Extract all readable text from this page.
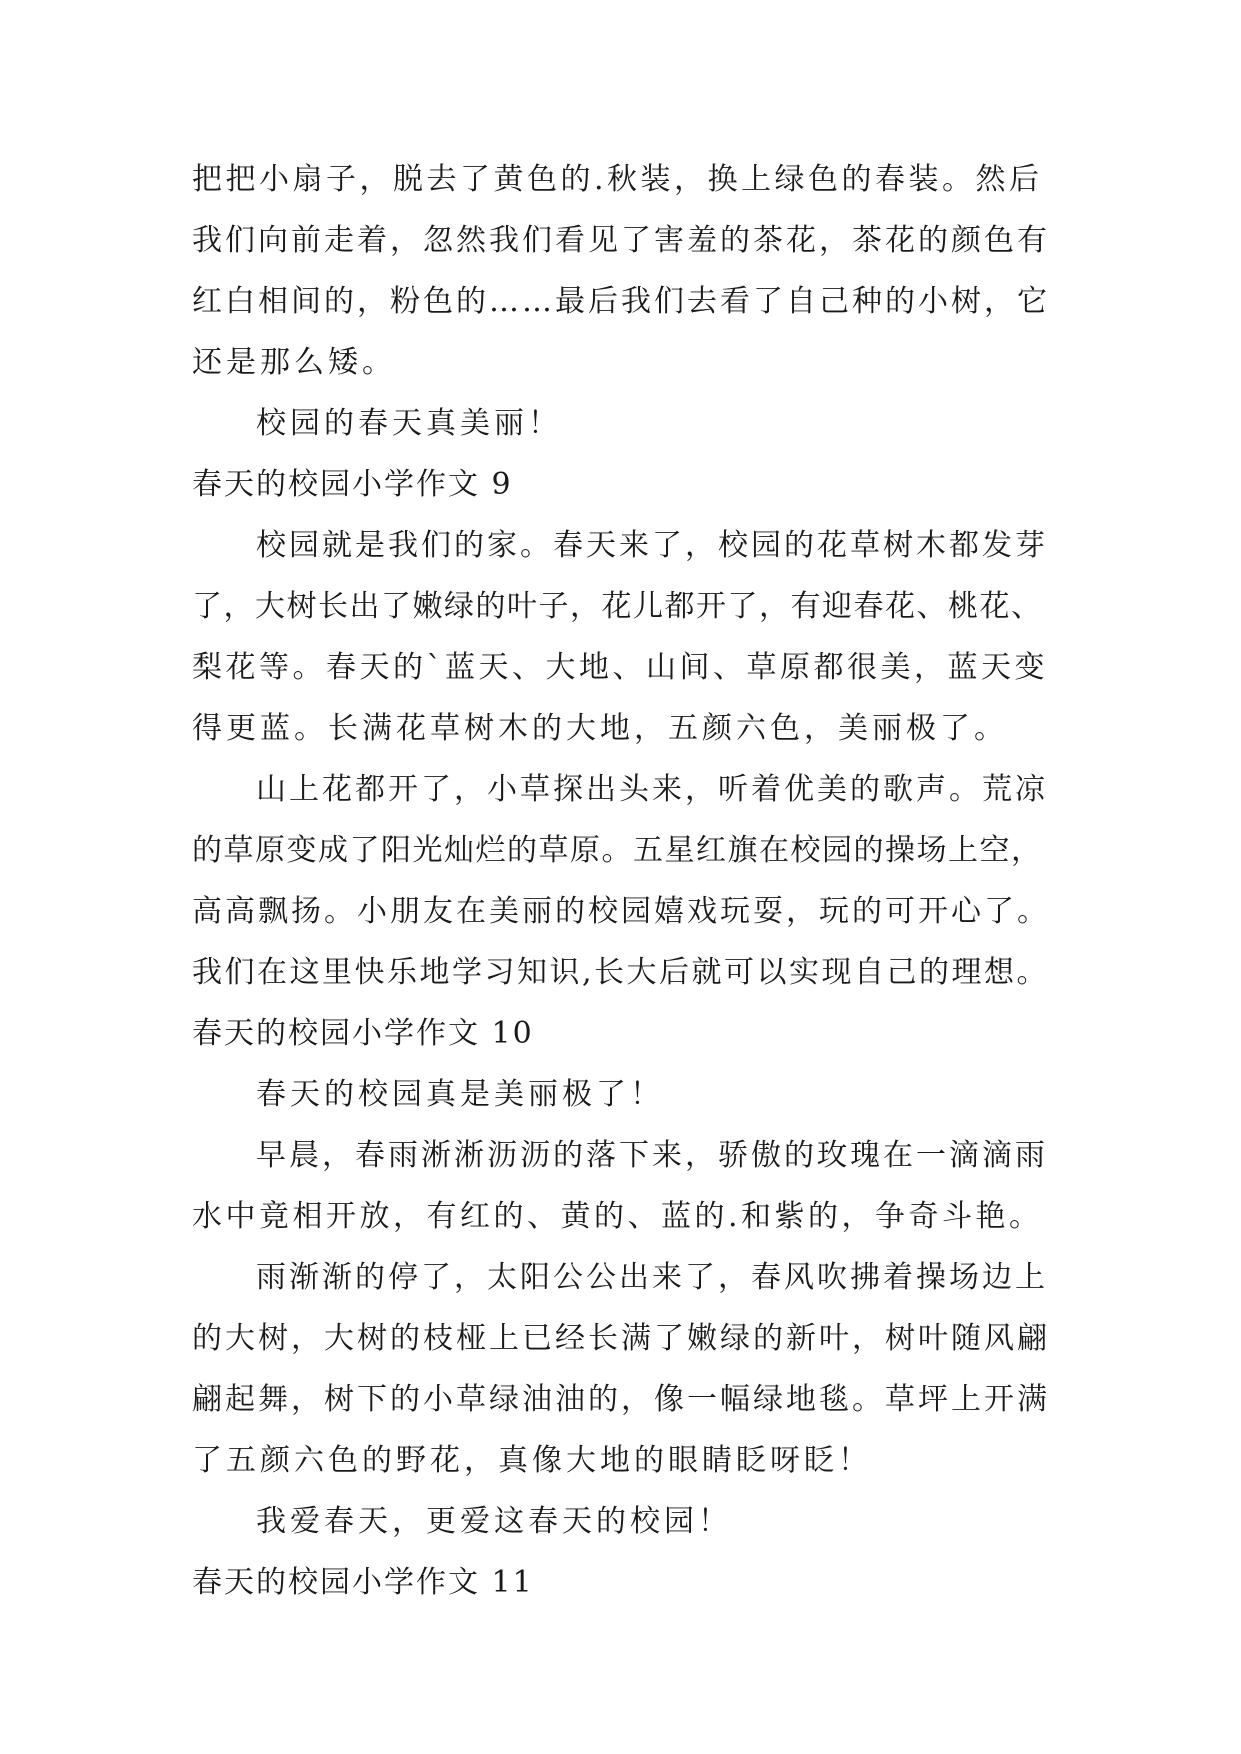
把把小扇子，脱去了黄色的.秋装，换上绿色的春装。然后
我们向前走着，忽然我们看见了害羞的茶花，茶花的颜色有
红白相间的，粉色的……最后我们去看了自己种的小树，它
还是那么矮。
校园的春天真美丽！
春天的校园小学作文 9
校园就是我们的家。春天来了，校园的花草树木都发芽
了，大树长出了嫩绿的叶子，花儿都开了，有迎春花、桃花、
梨花等。春天的`蓝天、大地、山间、草原都很美，蓝天变
得更蓝。长满花草树木的大地，五颜六色，美丽极了。
山上花都开了，小草探出头来，听着优美的歌声。荒凉
的草原变成了阳光灿烂的草原。五星红旗在校园的操场上空，
高高飘扬。小朋友在美丽的校园嬉戏玩耍，玩的可开心了。
我们在这里快乐地学习知识,长大后就可以实现自己的理想。
春天的校园小学作文 10
春天的校园真是美丽极了！
早晨，春雨淅淅沥沥的落下来，骄傲的玫瑰在一滴滴雨
水中竟相开放，有红的、黄的、蓝的.和紫的，争奇斗艳。
雨渐渐的停了，太阳公公出来了，春风吹拂着操场边上
的大树，大树的枝桠上已经长满了嫩绿的新叶，树叶随风翩
翩起舞，树下的小草绿油油的，像一幅绿地毯。草坪上开满
了五颜六色的野花，真像大地的眼睛眨呀眨！
我爱春天，更爱这春天的校园！
春天的校园小学作文 11
